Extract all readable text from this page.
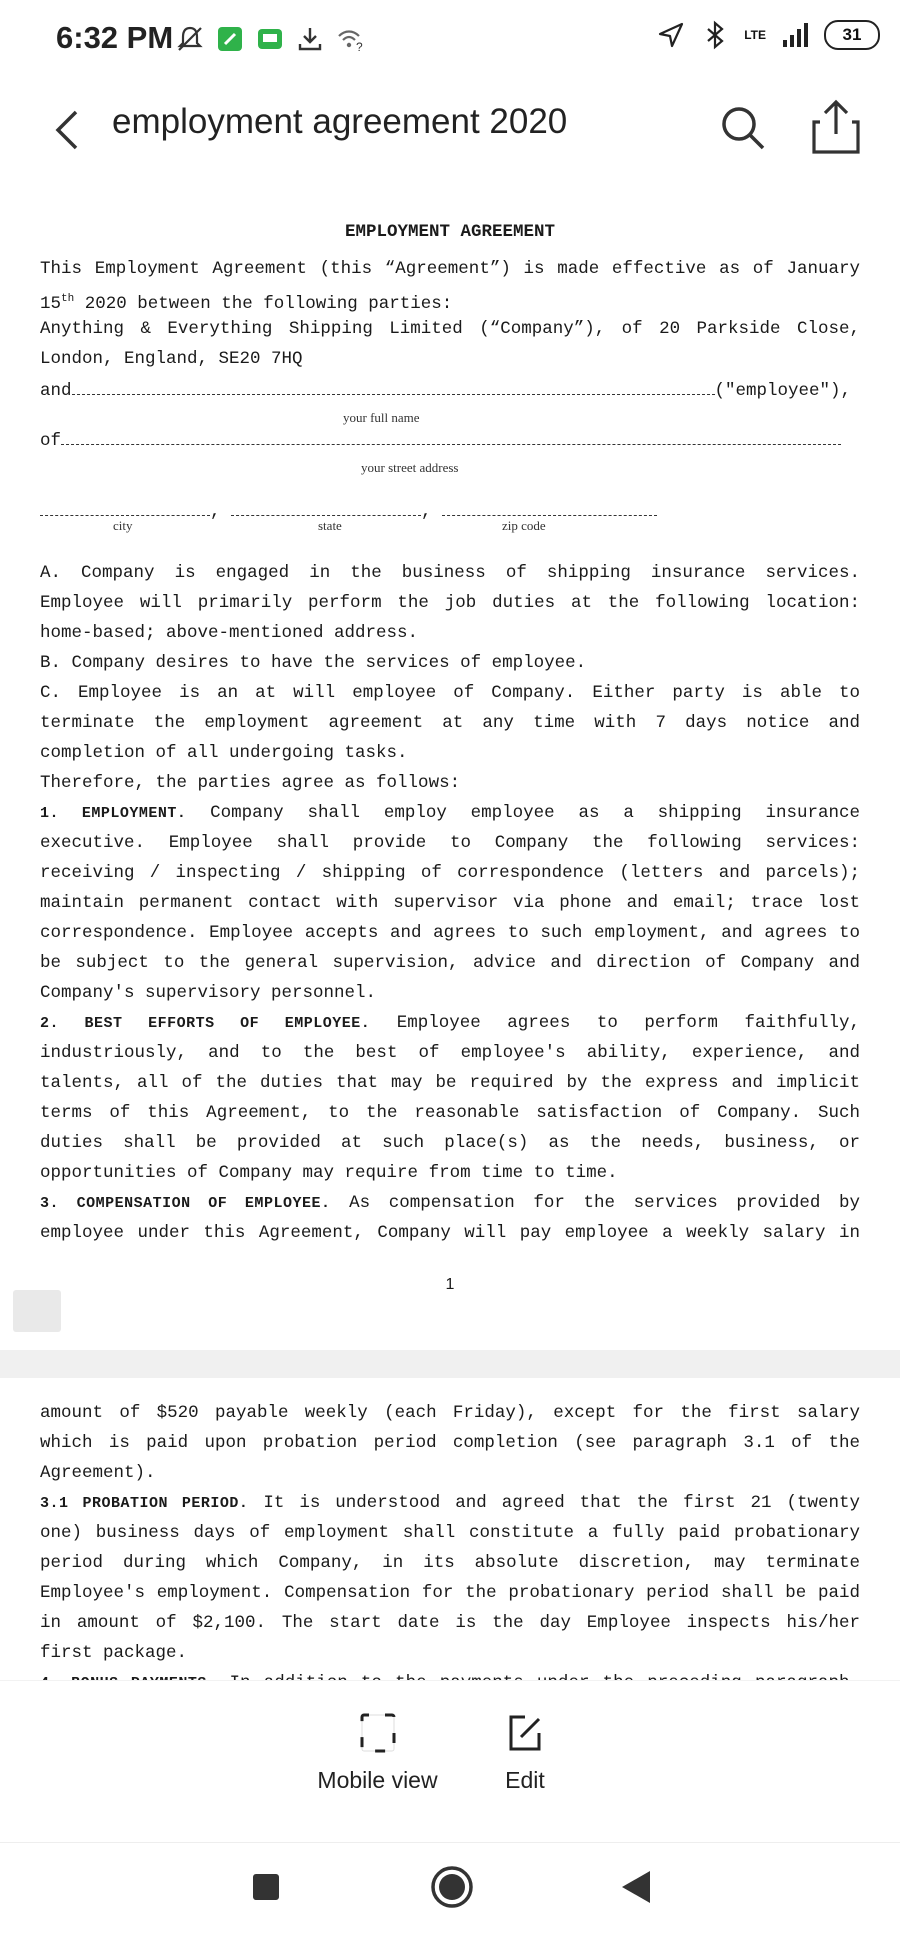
6:32 PM	?
LTE	31
employment agreement 2020
EMPLOYMENT AGREEMENT
This Employment Agreement (this “Agreement”) is made effective as of January
15th 2020 between the following parties:
Anything & Everything Shipping Limited (“Company”), of 20 Parkside Close,
London, England, SE20 7HQ
and	("employee"),
your full name
of
your street address
,	,
city	state	zip code
A. Company is engaged in the business of shipping insurance services.
Employee will primarily perform the job duties at the following location:
home-based; above-mentioned address.
B. Company desires to have the services of employee.
C. Employee is an at will employee of Company. Either party is able to
terminate the employment agreement at any time with 7 days notice and
completion of all undergoing tasks.
Therefore, the parties agree as follows:
1. EMPLOYMENT. Company shall employ employee as a shipping insurance
executive. Employee shall provide to Company the following services:
receiving / inspecting / shipping of correspondence (letters and parcels);
maintain permanent contact with supervisor via phone and email; trace lost
correspondence. Employee accepts and agrees to such employment, and agrees to
be subject to the general supervision, advice and direction of Company and
Company's supervisory personnel.
2. BEST EFFORTS OF EMPLOYEE. Employee agrees to perform faithfully,
industriously, and to the best of employee's ability, experience, and
talents, all of the duties that may be required by the express and implicit
terms of this Agreement, to the reasonable satisfaction of Company. Such
duties shall be provided at such place(s) as the needs, business, or
opportunities of Company may require from time to time.
3. COMPENSATION OF EMPLOYEE. As compensation for the services provided by
employee under this Agreement, Company will pay employee a weekly salary in
1
amount of $520 payable weekly (each Friday), except for the first salary
which is paid upon probation period completion (see paragraph 3.1 of the
Agreement).
3.1 PROBATION PERIOD. It is understood and agreed that the first 21 (twenty
one) business days of employment shall constitute a fully paid probationary
period during which Company, in its absolute discretion, may terminate
Employee's employment. Compensation for the probationary period shall be paid
in amount of $2,100. The start date is the day Employee inspects his/her
first package.
Mobile view	Edit
